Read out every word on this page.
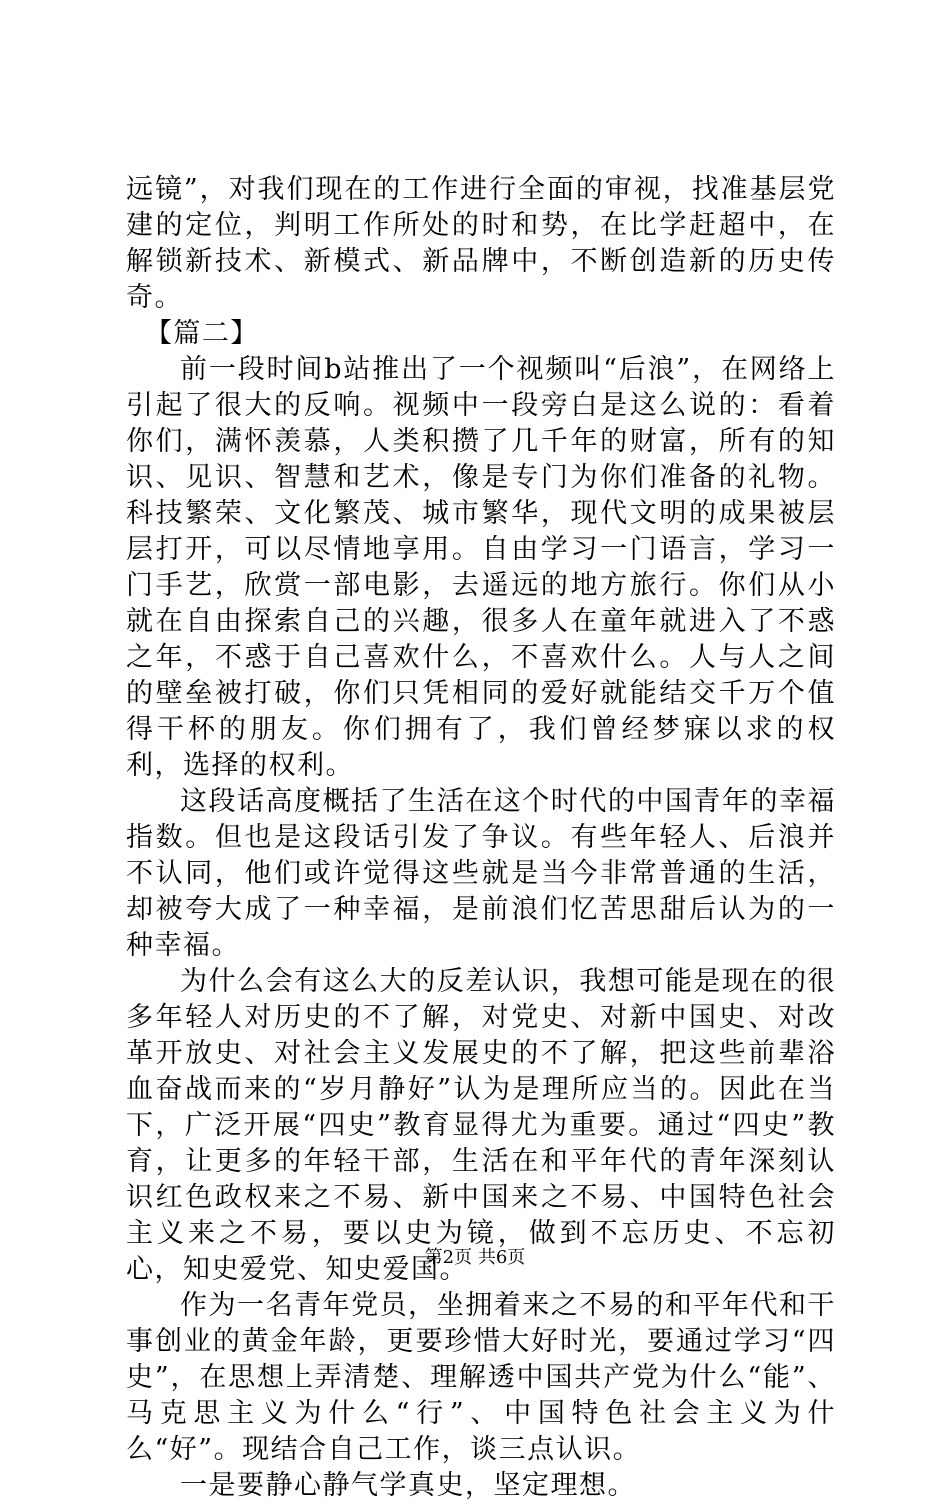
远镜”，对我们现在的工作进行全面的审视，找准基层党建的定位，判明工作所处的时和势，在比学赶超中，在解锁新技术、新模式、新品牌中，不断创造新的历史传奇。

【篇二】

前一段时间b站推出了一个视频叫“后浪”，在网络上引起了很大的反响。视频中一段旁白是这么说的：看着你们，满怀羡慕，人类积攒了几千年的财富，所有的知识、见识、智慧和艺术，像是专门为你们准备的礼物。科技繁荣、文化繁茂、城市繁华，现代文明的成果被层层打开，可以尽情地享用。自由学习一门语言，学习一门手艺，欣赏一部电影，去遥远的地方旅行。你们从小就在自由探索自己的兴趣，很多人在童年就进入了不惑之年，不惑于自己喜欢什么，不喜欢什么。人与人之间的壁垒被打破，你们只凭相同的爱好就能结交千万个值得干杯的朋友。你们拥有了，我们曾经梦寐以求的权利，选择的权利。

这段话高度概括了生活在这个时代的中国青年的幸福指数。但也是这段话引发了争议。有些年轻人、后浪并不认同，他们或许觉得这些就是当今非常普通的生活，却被夸大成了一种幸福，是前浪们忆苦思甜后认为的一种幸福。

为什么会有这么大的反差认识，我想可能是现在的很多年轻人对历史的不了解，对党史、对新中国史、对改革开放史、对社会主义发展史的不了解，把这些前辈浴血奋战而来的“岁月静好”认为是理所应当的。因此在当下，广泛开展“四史”教育显得尤为重要。通过“四史”教育，让更多的年轻干部，生活在和平年代的青年深刻认识红色政权来之不易、新中国来之不易、中国特色社会主义来之不易，要以史为镜，做到不忘历史、不忘初心，知史爱党、知史爱国。

作为一名青年党员，坐拥着来之不易的和平年代和干事创业的黄金年龄，更要珍惜大好时光，要通过学习“四史”，在思想上弄清楚、理解透中国共产党为什么“能”、马克思主义为什么“行”、中国特色社会主义为什么“好”。现结合自己工作，谈三点认识。

一是要静心静气学真史，坚定理想。

第2页 共6页
